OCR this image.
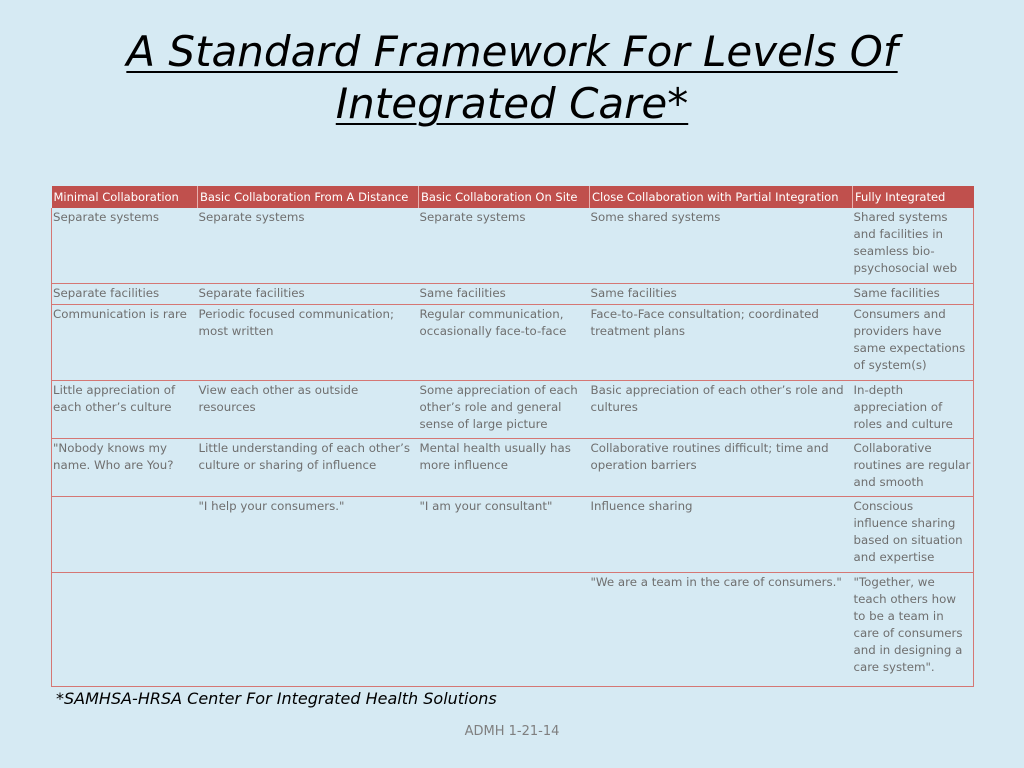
A Standard Framework For Levels Of
Integrated Care*
Minimal Collaboration	Basic Collaboration From A Distance	Basic Collaboration On Site	Close Collaboration with Partial Integration	Fully Integrated
Separate systems	Separate systems	Separate systems	Some shared systems	Shared systems and facilities in seamless bio-psychosocial web
Separate facilities	Separate facilities	Same facilities	Same facilities	Same facilities
Communication is rare	Periodic focused communication; most written	Regular communication, occasionally face-to-face	Face-to-Face consultation; coordinated treatment plans	Consumers and providers have same expectations of system(s)
Little appreciation of each other’s culture	View each other as outside resources	Some appreciation of each other’s role and general sense of large picture	Basic appreciation of each other’s role and cultures	In-depth appreciation of roles and culture
"Nobody knows my name. Who are You?	Little understanding of each other’s culture or sharing of influence	Mental health usually has more influence	Collaborative routines difficult; time and operation barriers	Collaborative routines are regular and smooth
	"I help your consumers."	"I am your consultant"	Influence sharing	Conscious influence sharing based on situation and expertise
			"We are a team in the care of consumers."	"Together, we teach others how to be a team in care of consumers and in designing a care system".
*SAMHSA-HRSA Center For Integrated Health Solutions
ADMH 1-21-14
